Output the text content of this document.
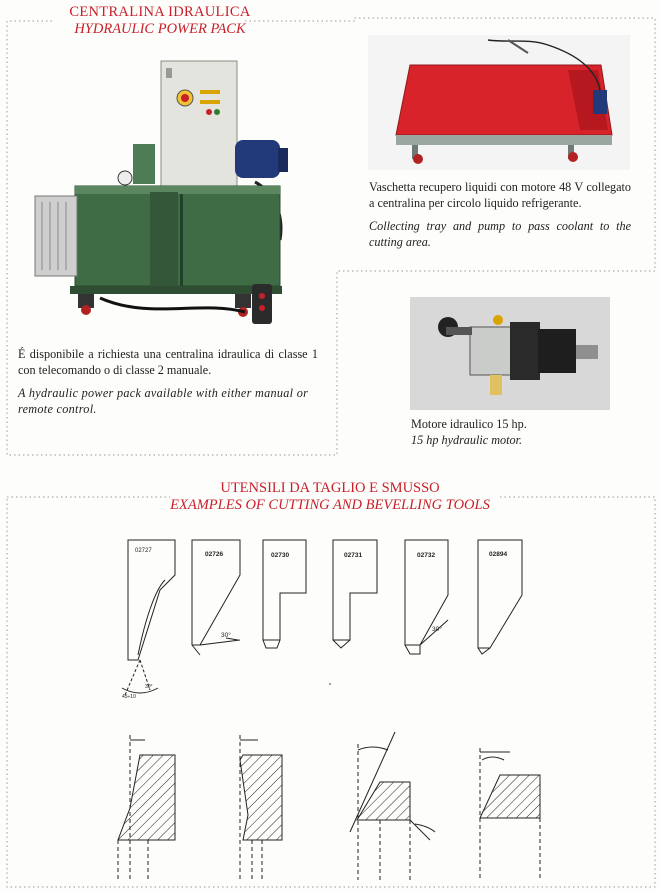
CENTRALINA IDRAULICA
HYDRAULIC POWER PACK

É disponibile a richiesta una centralina idraulica di classe 1 con telecomando o di classe 2 manuale.

A hydraulic power pack available with either manual or remote control.

Vaschetta recupero liquidi con motore 48 V collegato a centralina per circolo liquido refrigerante.

Collecting tray and pump to pass coolant to the cutting area.

Motore idraulico 15 hp.

15 hp hydraulic motor.

UTENSILI DA TAGLIO E SMUSSO
EXAMPLES OF CUTTING AND BEVELLING TOOLS
02727
30°
45÷10
02726
30°
02730	02731	02732
30°
02894
